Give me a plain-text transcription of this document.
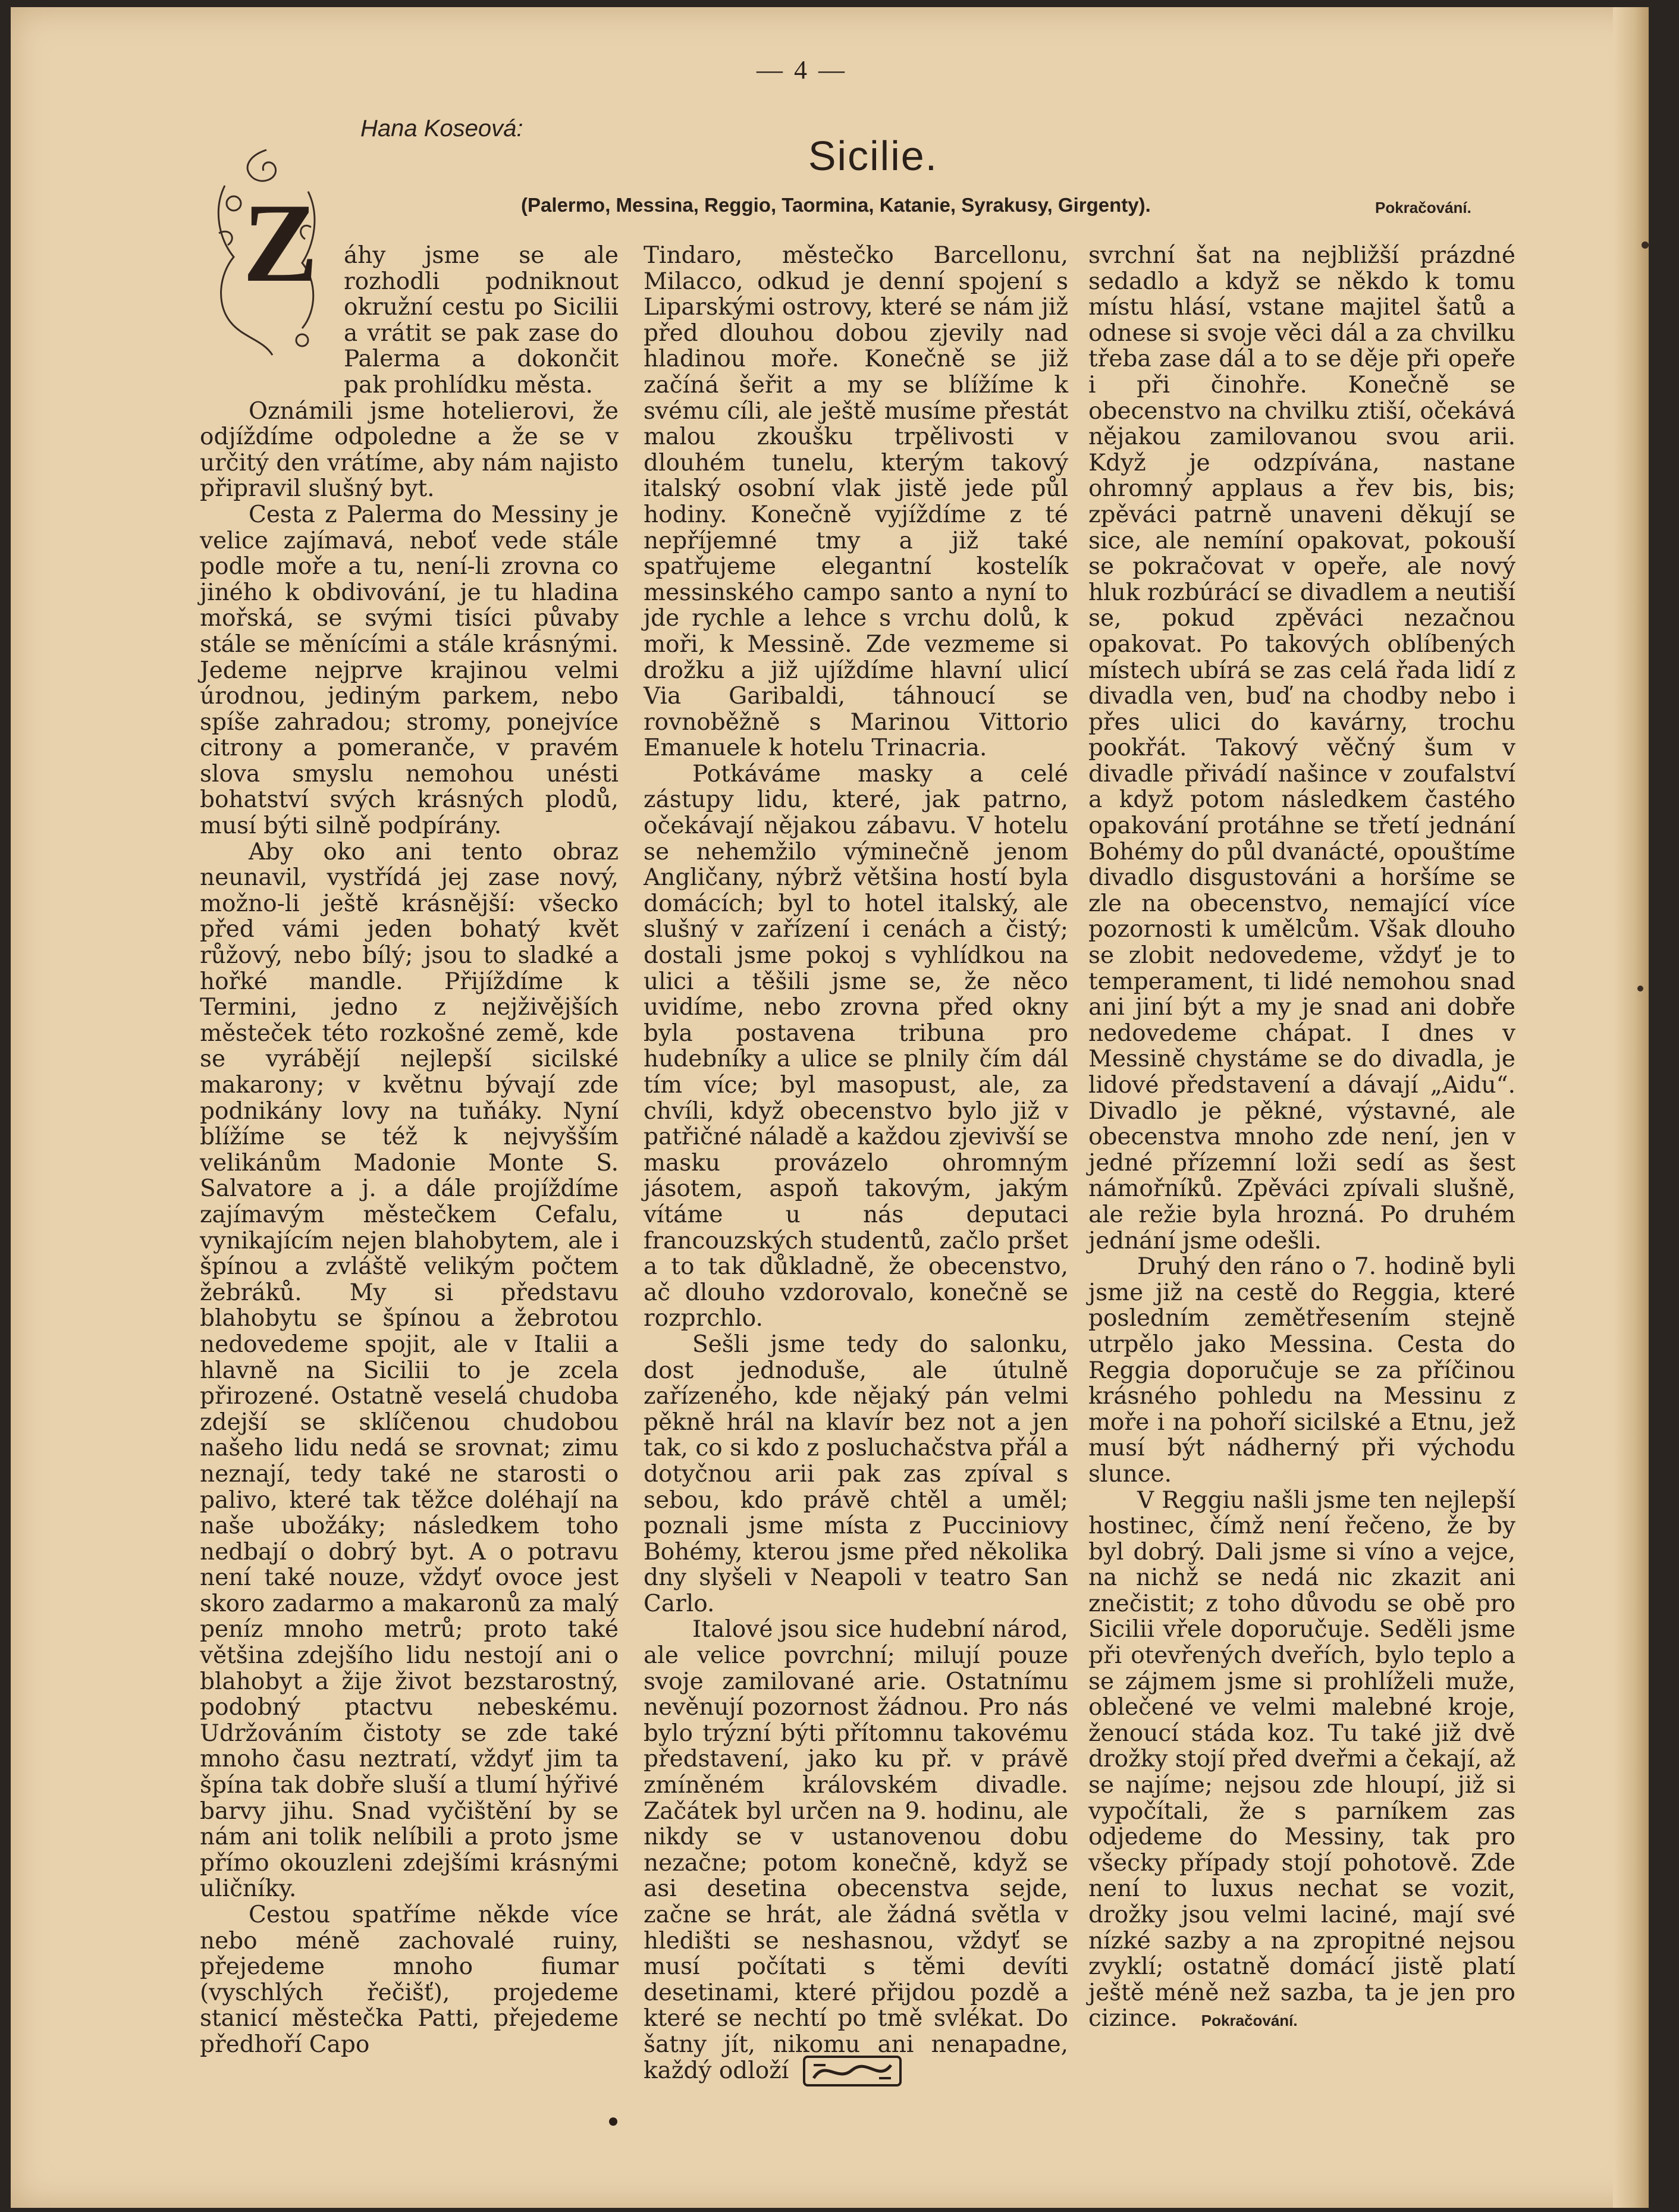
— 4 —
Z
Hana Koseová:
Sicilie.
(Palermo, Messina, Reggio, Taormina, Katanie, Syrakusy, Girgenty).	Pokračování.

áhy jsme se ale rozhodli podniknout okružní cestu po Sicilii a vrátit se pak zase do Palerma a dokončit pak prohlídku města.

Oznámili jsme hotelierovi, že odjíždíme odpoledne a že se v určitý den vrátíme, aby nám najisto připravil slušný byt.

Cesta z Palerma do Messiny je velice zajímavá, neboť vede stále podle moře a tu, není-li zrovna co jiného k obdivování, je tu hladina mořská, se svými tisíci půvaby stále se měnícími a stále krásnými. Jedeme nejprve krajinou velmi úrodnou, jediným parkem, nebo spíše zahradou; stromy, ponejvíce citrony a pomeranče, v pravém slova smyslu nemohou unésti bohatství svých krásných plodů, musí býti silně podpírány.

Aby oko ani tento obraz neunavil, vystřídá jej zase nový, možno-li ještě krásnější: všecko před vámi jeden bohatý květ růžový, nebo bílý; jsou to sladké a hořké mandle. Přijíždíme k Termini, jedno z nejživějších městeček této rozkošné země, kde se vyrábějí nejlepší sicilské makarony; v květnu bývají zde podnikány lovy na tuňáky. Nyní blížíme se též k nejvyšším velikánům Madonie Monte S. Salvatore a j. a dále projíždíme zajímavým městečkem Cefalu, vynikajícím nejen blahobytem, ale i špínou a zvláště velikým počtem žebráků. My si představu blahobytu se špínou a žebrotou nedovedeme spojit, ale v Italii a hlavně na Sicilii to je zcela přirozené. Ostatně veselá chudoba zdejší se sklíčenou chudobou našeho lidu nedá se srovnat; zimu neznají, tedy také ne starosti o palivo, které tak těžce doléhají na naše ubožáky; následkem toho nedbají o dobrý byt. A o potravu není také nouze, vždyť ovoce jest skoro zadarmo a makaronů za malý peníz mnoho metrů; proto také většina zdejšího lidu nestojí ani o blahobyt a žije život bezstarostný, podobný ptactvu nebeskému. Udržováním čistoty se zde také mnoho času neztratí, vždyť jim ta špína tak dobře sluší a tlumí hýřivé barvy jihu. Snad vyčištění by se nám ani tolik nelíbili a proto jsme přímo okouzleni zdejšími krásnými uličníky.

Cestou spatříme někde více nebo méně zachovalé ruiny, přejedeme mnoho fiumar (vyschlých řečišť), projedeme stanicí městečka Patti, přejedeme předhoří Capo

Tindaro, městečko Barcellonu, Milacco, odkud je denní spojení s Liparskými ostrovy, které se nám již před dlouhou dobou zjevily nad hladinou moře. Konečně se již začíná šeřit a my se blížíme k svému cíli, ale ještě musíme přestát malou zkoušku trpělivosti v dlouhém tunelu, kterým takový italský osobní vlak jistě jede půl hodiny. Konečně vyjíždíme z té nepříjemné tmy a již také spatřujeme elegantní kostelík messinského campo santo a nyní to jde rychle a lehce s vrchu dolů, k moři, k Messině. Zde vezmeme si drožku a již ujíždíme hlavní ulicí Via Garibaldi, táhnoucí se rovnoběžně s Marinou Vittorio Emanuele k hotelu Trinacria.

Potkáváme masky a celé zástupy lidu, které, jak patrno, očekávají nějakou zábavu. V hotelu se nehemžilo výminečně jenom Angličany, nýbrž většina hostí byla domácích; byl to hotel italský, ale slušný v zařízení i cenách a čistý; dostali jsme pokoj s vyhlídkou na ulici a těšili jsme se, že něco uvidíme, nebo zrovna před okny byla postavena tribuna pro hudebníky a ulice se plnily čím dál tím více; byl masopust, ale, za chvíli, když obecenstvo bylo již v patřičné náladě a každou zjevivší se masku provázelo ohromným jásotem, aspoň takovým, jakým vítáme u nás deputaci francouzských studentů, začlo pršet a to tak důkladně, že obecenstvo, ač dlouho vzdorovalo, konečně se rozprchlo.

Sešli jsme tedy do salonku, dost jednoduše, ale útulně zařízeného, kde nějaký pán velmi pěkně hrál na klavír bez not a jen tak, co si kdo z posluchačstva přál a dotyčnou arii pak zas zpíval s sebou, kdo právě chtěl a uměl; poznali jsme místa z Pucciniovy Bohémy, kterou jsme před několika dny slyšeli v Neapoli v teatro San Carlo.

Italové jsou sice hudební národ, ale velice povrchní; milují pouze svoje zamilované arie. Ostatnímu nevěnují pozornost žádnou. Pro nás bylo trýzní býti přítomnu takovému představení, jako ku př. v právě zmíněném královském divadle. Začátek byl určen na 9. hodinu, ale nikdy se v ustanovenou dobu nezačne; potom konečně, když se asi desetina obecenstva sejde, začne se hrát, ale žádná světla v hledišti se neshasnou, vždyť se musí počítati s těmi devíti desetinami, které přijdou pozdě a které se nechtí po tmě svlékat. Do šatny jít, nikomu ani nenapadne, každý odloží

svrchní šat na nejbližší prázdné sedadlo a když se někdo k tomu místu hlásí, vstane majitel šatů a odnese si svoje věci dál a za chvilku třeba zase dál a to se děje při opeře i při činohře. Konečně se obecenstvo na chvilku ztiší, očekává nějakou zamilovanou svou arii. Když je odzpívána, nastane ohromný applaus a řev bis, bis; zpěváci patrně unaveni děkují se sice, ale nemíní opakovat, pokouší se pokračovat v opeře, ale nový hluk rozbúrácí se divadlem a neutiší se, pokud zpěváci nezačnou opakovat. Po takových oblíbených místech ubírá se zas celá řada lidí z divadla ven, buď na chodby nebo i přes ulici do kavárny, trochu pookřát. Takový věčný šum v divadle přivádí našince v zoufalství a když potom následkem častého opakování protáhne se třetí jednání Bohémy do půl dvanácté, opouštíme divadlo disgustováni a horšíme se zle na obecenstvo, nemající více pozornosti k umělcům. Však dlouho se zlobit nedovedeme, vždyť je to temperament, ti lidé nemohou snad ani jiní být a my je snad ani dobře nedovedeme chápat. I dnes v Messině chystáme se do divadla, je lidové představení a dávají „Aidu“. Divadlo je pěkné, výstavné, ale obecenstva mnoho zde není, jen v jedné přízemní loži sedí as šest námořníků. Zpěváci zpívali slušně, ale režie byla hrozná. Po druhém jednání jsme odešli.

Druhý den ráno o 7. hodině byli jsme již na cestě do Reggia, které posledním zemětřesením stejně utrpělo jako Messina. Cesta do Reggia doporučuje se za příčinou krásného pohledu na Messinu z moře i na pohoří sicilské a Etnu, jež musí být nádherný při východu slunce.

V Reggiu našli jsme ten nejlepší hostinec, čímž není řečeno, že by byl dobrý. Dali jsme si víno a vejce, na nichž se nedá nic zkazit ani znečistit; z toho důvodu se obě pro Sicilii vřele doporučuje. Seděli jsme při otevřených dveřích, bylo teplo a se zájmem jsme si prohlíželi muže, oblečené ve velmi malebné kroje, ženoucí stáda koz. Tu také již dvě drožky stojí před dveřmi a čekají, až se najíme; nejsou zde hloupí, již si vypočítali, že s parníkem zas odjedeme do Messiny, tak pro všecky případy stojí pohotově. Zde není to luxus nechat se vozit, drožky jsou velmi laciné, mají své nízké sazby a na zpropitné nejsou zvyklí; ostatně domácí jistě platí ještě méně než sazba, ta je jen pro cizince. Pokračování.
